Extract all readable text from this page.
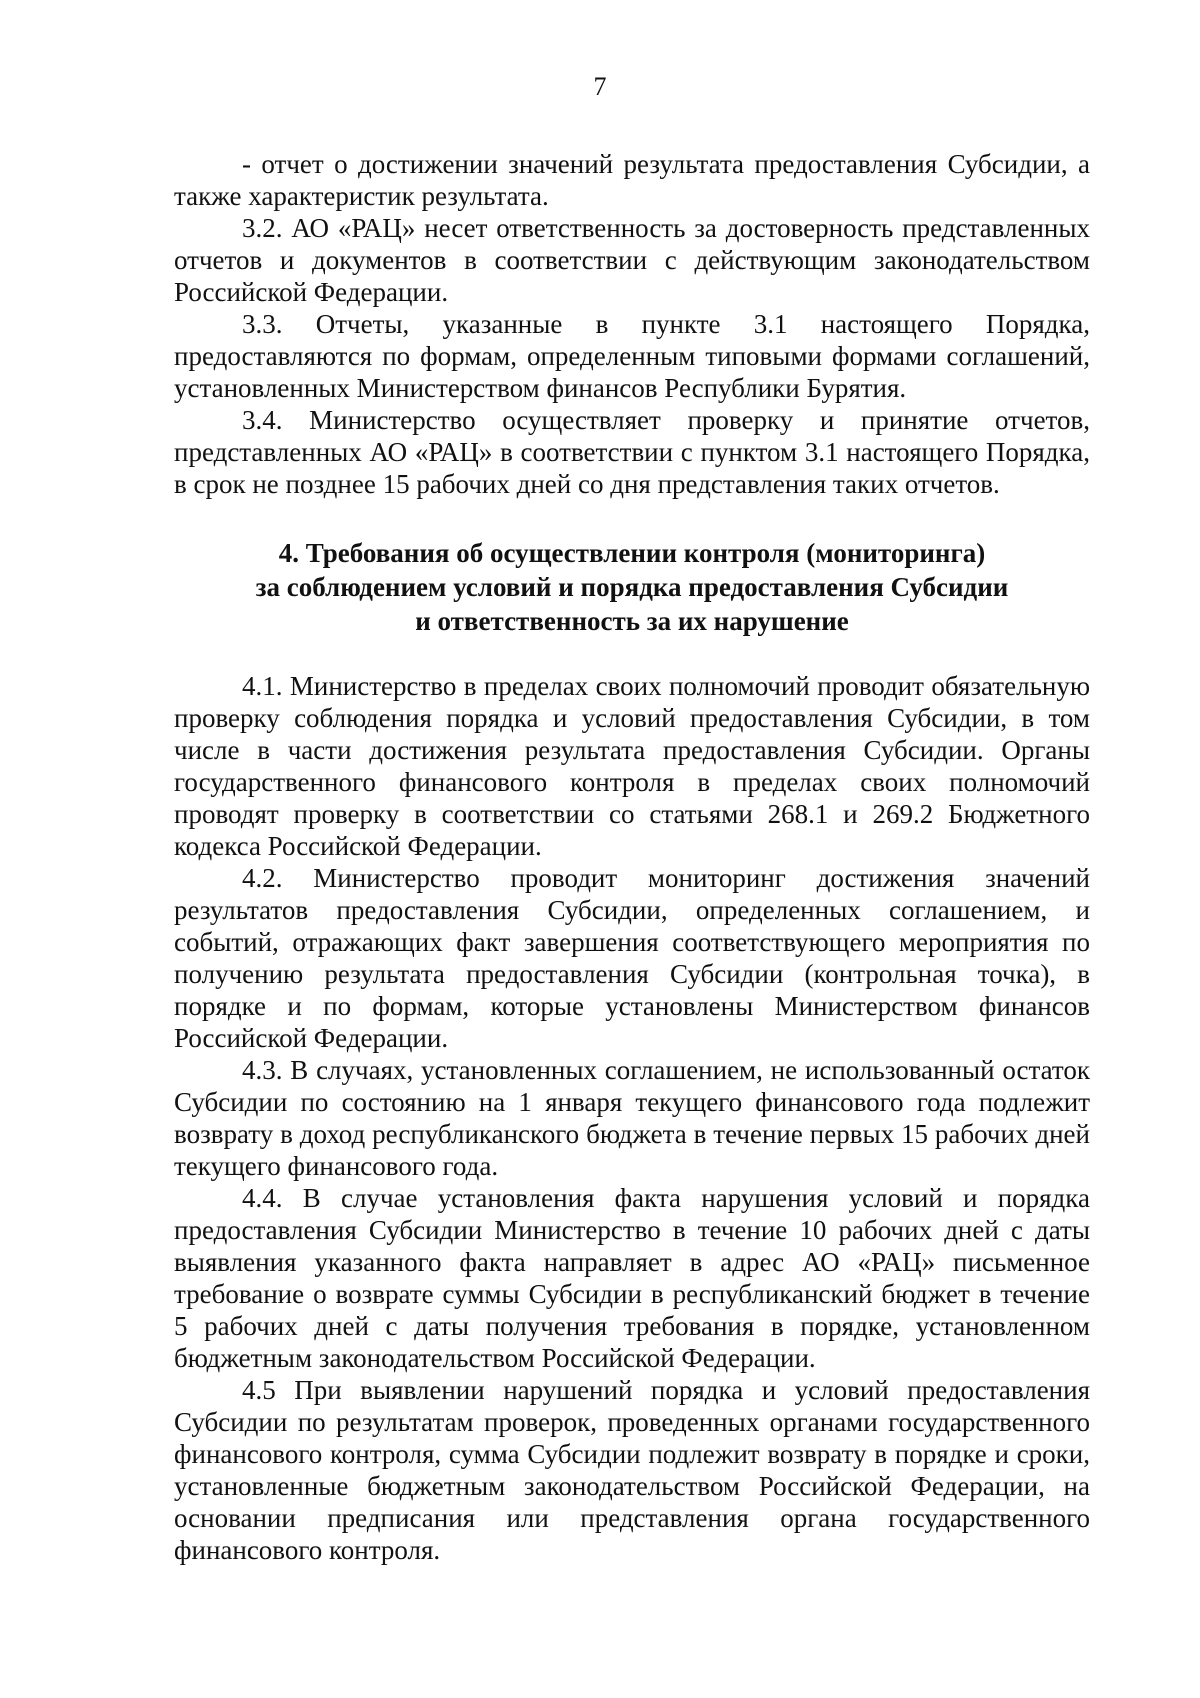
7

- отчет о достижении значений результата предоставления Субсидии, а также характеристик результата.

3.2. АО «РАЦ» несет ответственность за достоверность представленных отчетов и документов в соответствии с действующим законодательством Российской Федерации.

3.3. Отчеты, указанные в пункте 3.1 настоящего Порядка, предоставляются по формам, определенным типовыми формами соглашений, установленных Министерством финансов Республики Бурятия.

3.4. Министерство осуществляет проверку и принятие отчетов, представленных АО «РАЦ» в соответствии с пунктом 3.1 настоящего Порядка, в срок не позднее 15 рабочих дней со дня представления таких отчетов.

4. Требования об осуществлении контроля (мониторинга)
за соблюдением условий и порядка предоставления Субсидии
и ответственность за их нарушение

4.1. Министерство в пределах своих полномочий проводит обязательную проверку соблюдения порядка и условий предоставления Субсидии, в том числе в части достижения результата предоставления Субсидии. Органы государственного финансового контроля в пределах своих полномочий проводят проверку в соответствии со статьями 268.1 и 269.2 Бюджетного кодекса Российской Федерации.

4.2. Министерство проводит мониторинг достижения значений результатов предоставления Субсидии, определенных соглашением, и событий, отражающих факт завершения соответствующего мероприятия по получению результата предоставления Субсидии (контрольная точка), в порядке и по формам, которые установлены Министерством финансов Российской Федерации.

4.3. В случаях, установленных соглашением, не использованный остаток Субсидии по состоянию на 1 января текущего финансового года подлежит возврату в доход республиканского бюджета в течение первых 15 рабочих дней текущего финансового года.

4.4. В случае установления факта нарушения условий и порядка предоставления Субсидии Министерство в течение 10 рабочих дней с даты выявления указанного факта направляет в адрес АО «РАЦ» письменное требование о возврате суммы Субсидии в республиканский бюджет в течение 5 рабочих дней с даты получения требования в порядке, установленном бюджетным законодательством Российской Федерации.

4.5 При выявлении нарушений порядка и условий предоставления Субсидии по результатам проверок, проведенных органами государственного финансового контроля, сумма Субсидии подлежит возврату в порядке и сроки, установленные бюджетным законодательством Российской Федерации, на основании предписания или представления органа государственного финансового контроля.
